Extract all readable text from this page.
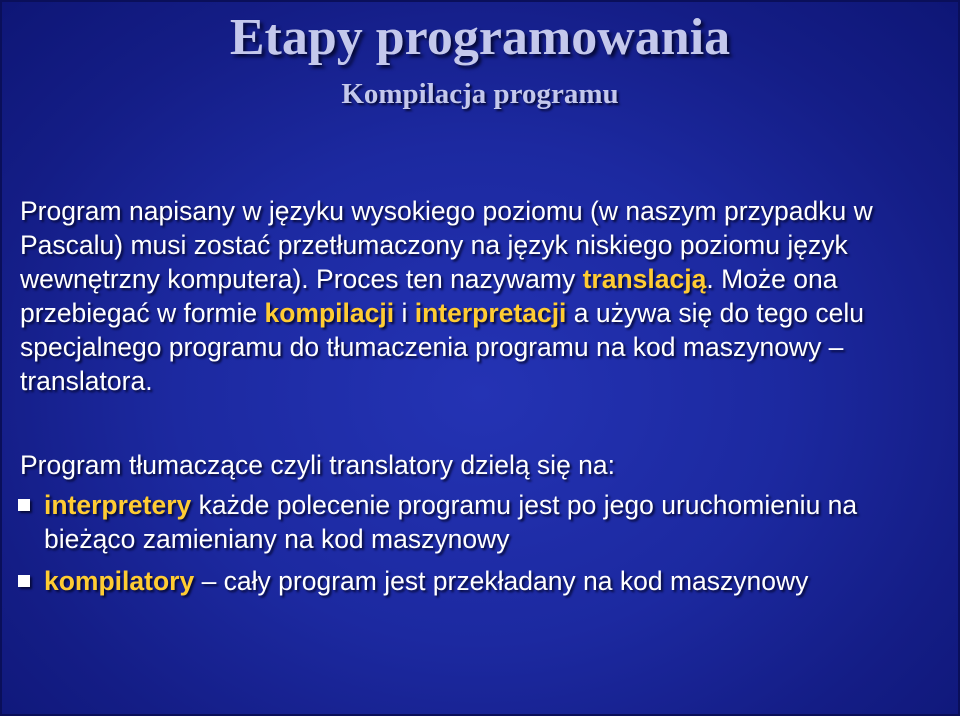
Etapy programowania
Kompilacja programu

Program napisany w języku wysokiego poziomu (w naszym przypadku w Pascalu) musi zostać przetłumaczony na język niskiego poziomu język wewnętrzny komputera). Proces ten nazywamy translacją. Może ona przebiegać w formie kompilacji i interpretacji a używa się do tego celu specjalnego programu do tłumaczenia programu na kod maszynowy – translatora.

Program tłumaczące czyli translatory dzielą się na:

interpretery każde polecenie programu jest po jego uruchomieniu na bieżąco zamieniany na kod maszynowy
kompilatory – cały program jest przekładany na kod maszynowy
